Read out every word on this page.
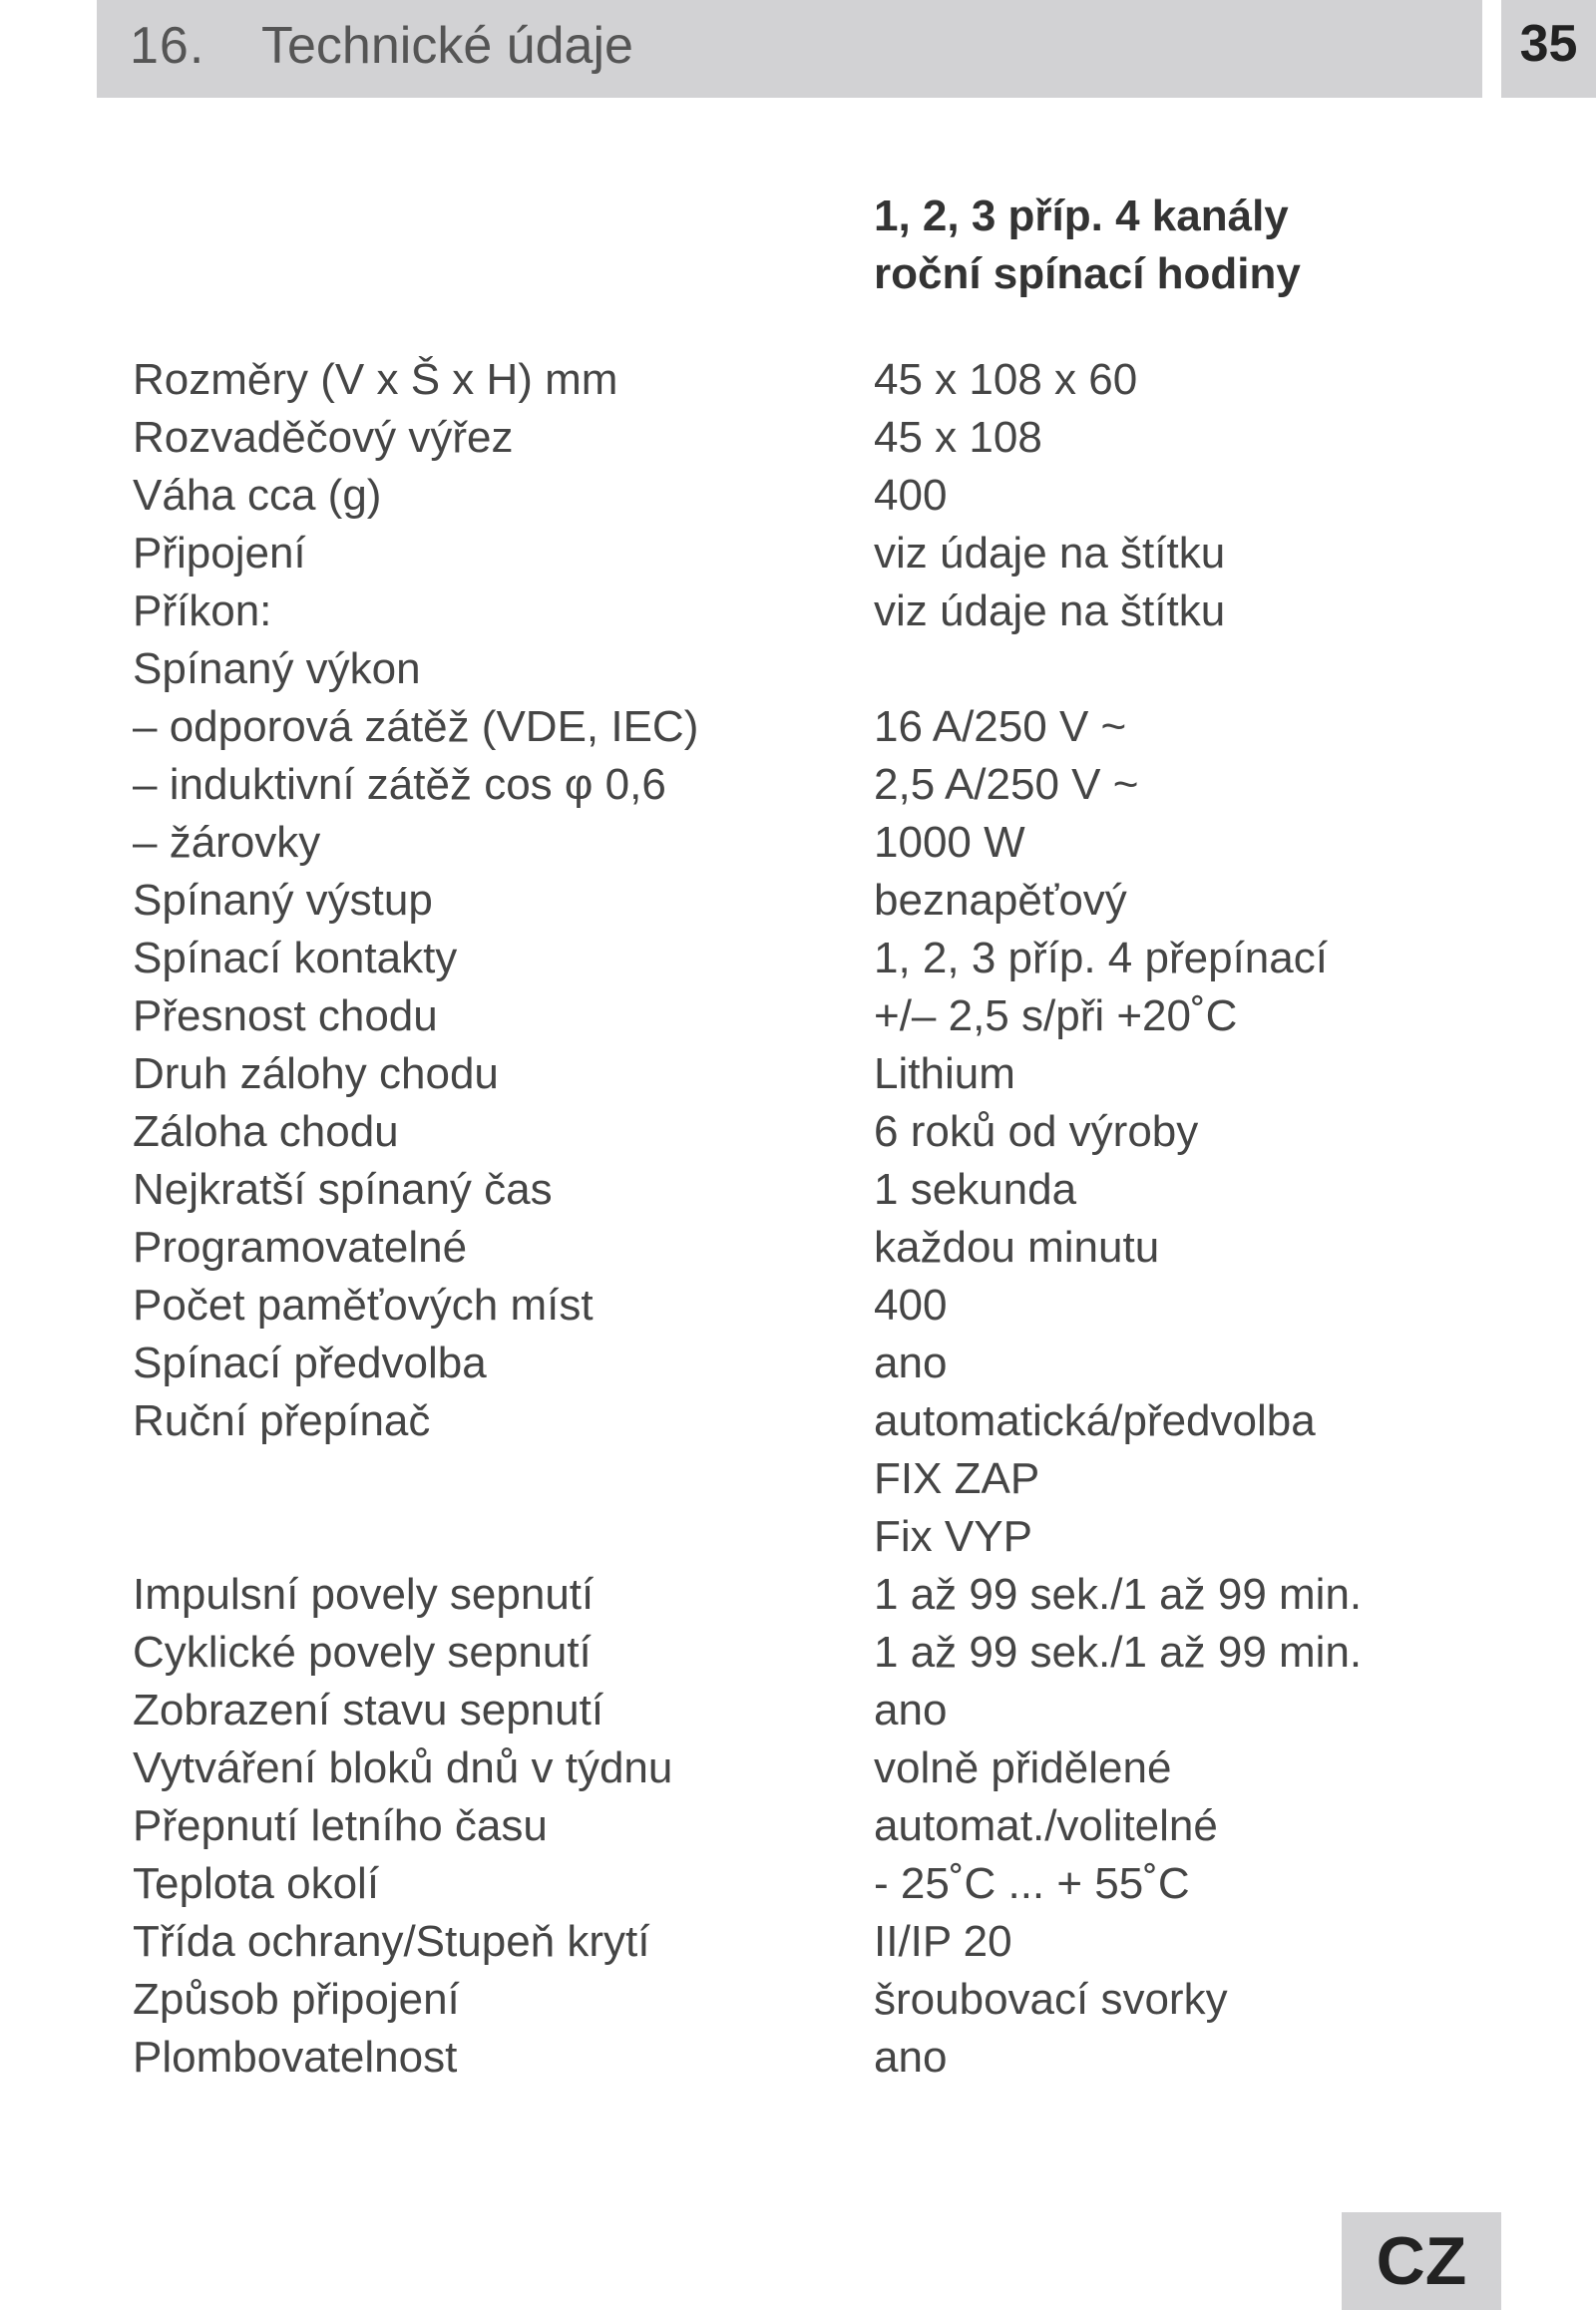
16. Technické údaje	35
1, 2, 3 příp. 4 kanály
roční spínací hodiny
Rozměry (V x Š x H) mm	45 x 108 x 60
Rozvaděčový výřez	45 x 108
Váha cca (g)	400
Připojení	viz údaje na štítku
Příkon:	viz údaje na štítku
Spínaný výkon
– odporová zátěž (VDE, IEC)	16 A/250 V ~
– induktivní zátěž cos φ 0,6	2,5 A/250 V ~
– žárovky	1000 W
Spínaný výstup	beznapěťový
Spínací kontakty	1, 2, 3 příp. 4 přepínací
Přesnost chodu	+/– 2,5 s/při +20˚C
Druh zálohy chodu	Lithium
Záloha chodu	6 roků od výroby
Nejkratší spínaný čas	1 sekunda
Programovatelné	každou minutu
Počet paměťových míst	400
Spínací předvolba	ano
Ruční přepínač	automatická/předvolba
FIX ZAP
Fix VYP
Impulsní povely sepnutí	1 až 99 sek./1 až 99 min.
Cyklické povely sepnutí	1 až 99 sek./1 až 99 min.
Zobrazení stavu sepnutí	ano
Vytváření bloků dnů v týdnu	volně přidělené
Přepnutí letního času	automat./volitelné
Teplota okolí	- 25˚C ... + 55˚C
Třída ochrany/Stupeň krytí	II/IP 20
Způsob připojení	šroubovací svorky
Plombovatelnost	ano
CZ
